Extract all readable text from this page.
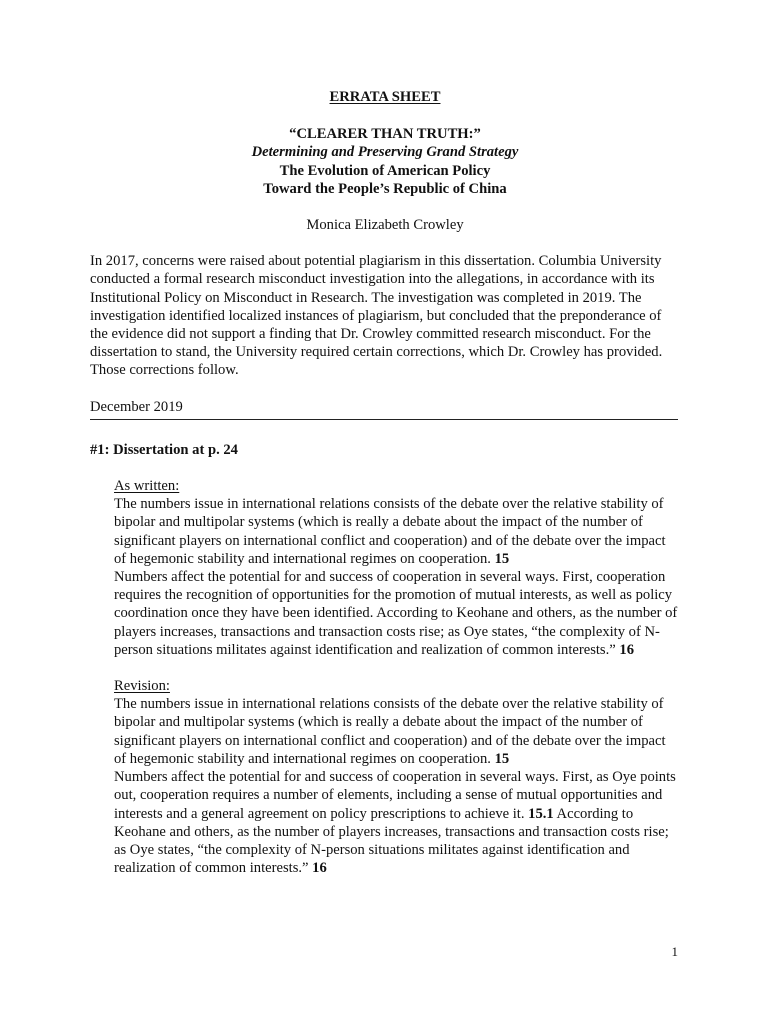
ERRATA SHEET

“CLEARER THAN TRUTH:”

Determining and Preserving Grand Strategy

The Evolution of American Policy

Toward the People’s Republic of China

Monica Elizabeth Crowley

In 2017, concerns were raised about potential plagiarism in this dissertation. Columbia University conducted a formal research misconduct investigation into the allegations, in accordance with its Institutional Policy on Misconduct in Research. The investigation was completed in 2019. The investigation identified localized instances of plagiarism, but concluded that the preponderance of the evidence did not support a finding that Dr. Crowley committed research misconduct. For the dissertation to stand, the University required certain corrections, which Dr. Crowley has provided. Those corrections follow.

December 2019

#1: Dissertation at p. 24

As written:

The numbers issue in international relations consists of the debate over the relative stability of bipolar and multipolar systems (which is really a debate about the impact of the number of significant players on international conflict and cooperation) and of the debate over the impact of hegemonic stability and international regimes on cooperation. 15

Numbers affect the potential for and success of cooperation in several ways. First, cooperation requires the recognition of opportunities for the promotion of mutual interests, as well as policy coordination once they have been identified. According to Keohane and others, as the number of players increases, transactions and transaction costs rise; as Oye states, “the complexity of N-person situations militates against identification and realization of common interests.” 16

Revision:

The numbers issue in international relations consists of the debate over the relative stability of bipolar and multipolar systems (which is really a debate about the impact of the number of significant players on international conflict and cooperation) and of the debate over the impact of hegemonic stability and international regimes on cooperation. 15

Numbers affect the potential for and success of cooperation in several ways. First, as Oye points out, cooperation requires a number of elements, including a sense of mutual opportunities and interests and a general agreement on policy prescriptions to achieve it. 15.1 According to Keohane and others, as the number of players increases, transactions and transaction costs rise; as Oye states, “the complexity of N-person situations militates against identification and realization of common interests.” 16

1
